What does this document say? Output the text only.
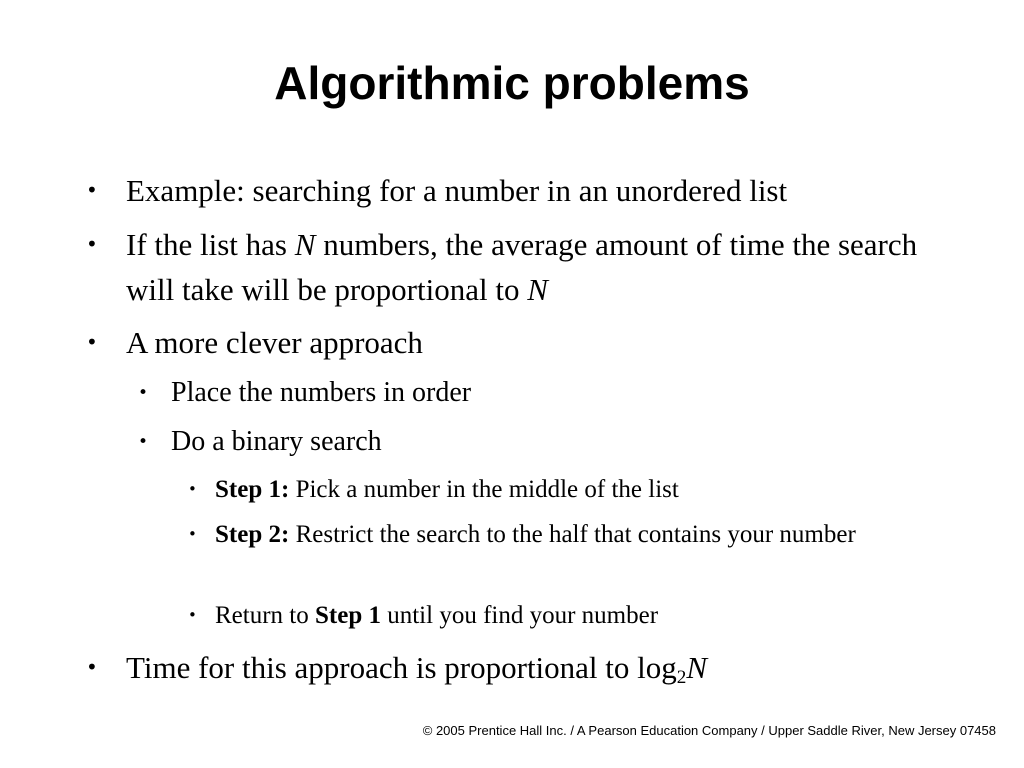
Algorithmic problems
• Example: searching for a number in an unordered list
• If the list has N numbers, the average amount of time the search will take will be proportional to N
• A more clever approach
• Place the numbers in order
• Do a binary search
• Step 1: Pick a number in the middle of the list
• Step 2: Restrict the search to the half that contains your number
• Return to Step 1 until you find your number
• Time for this approach is proportional to $\log_2N$
© 2005 Prentice Hall Inc. / A Pearson Education Company / Upper Saddle River, New Jersey 07458
